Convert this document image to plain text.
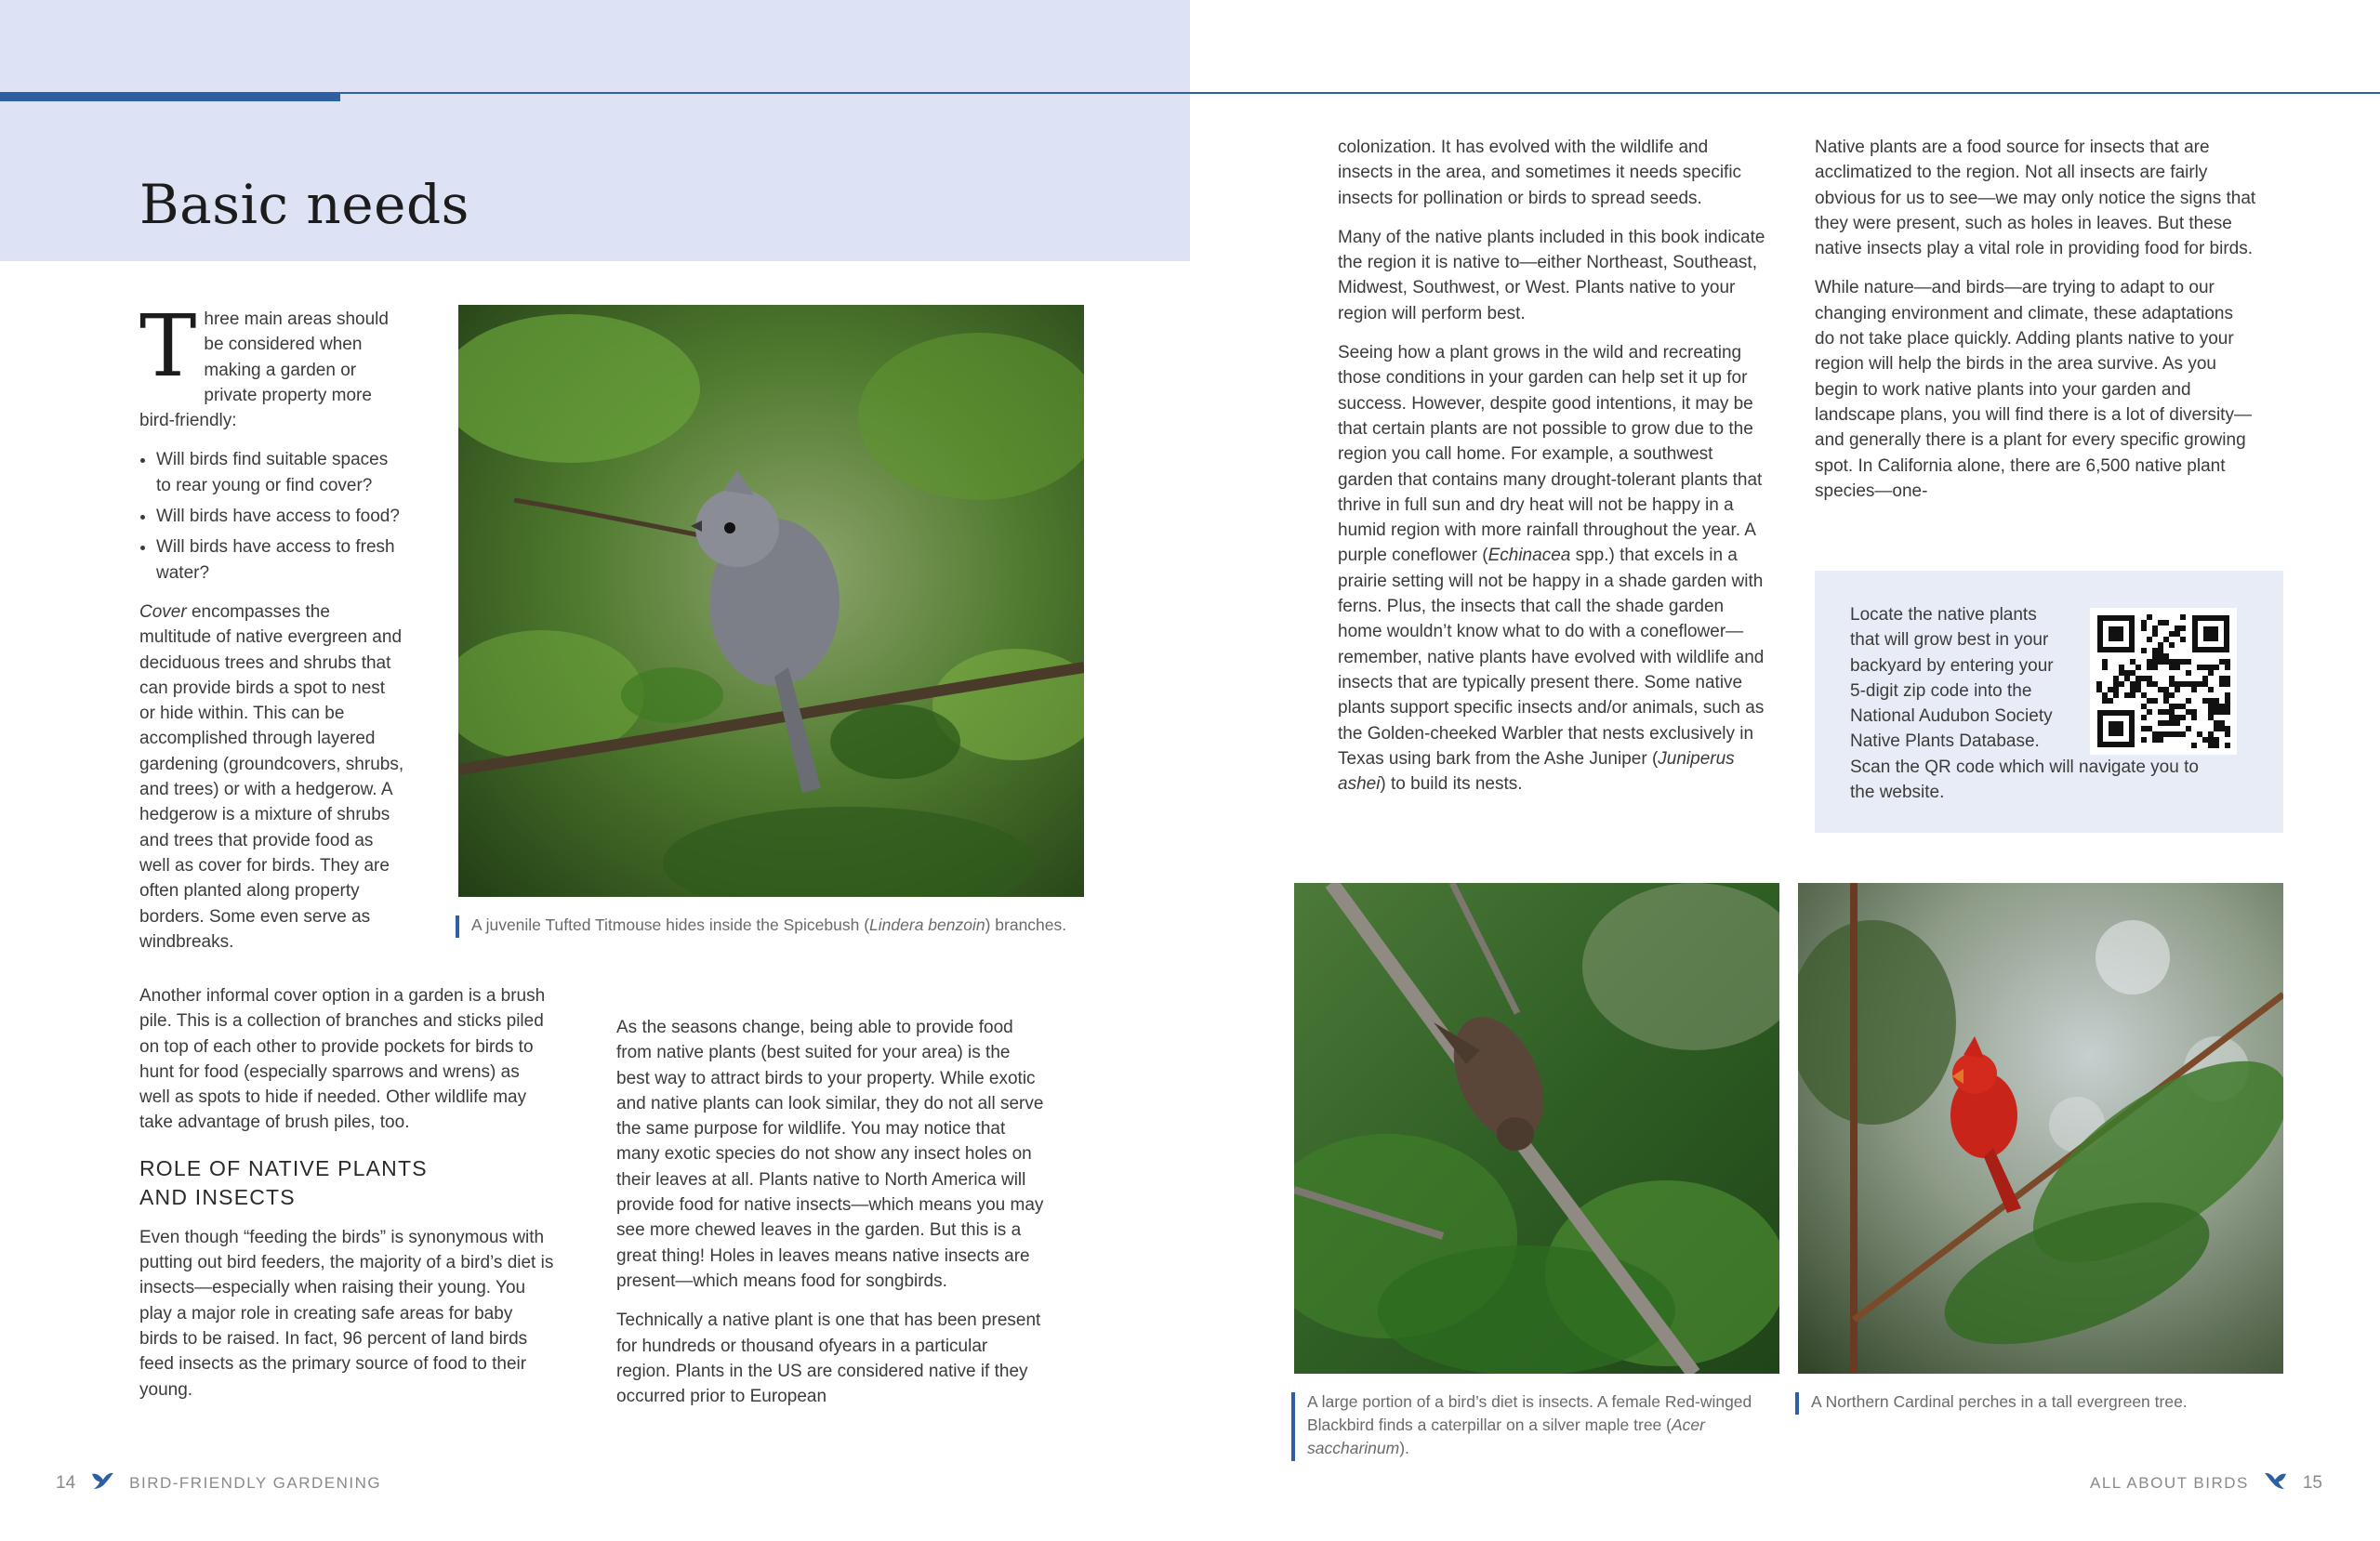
Basic needs

Three main areas should be considered when making a garden or private property more bird-friendly:

• Will birds find suitable spaces to rear young or find cover?
• Will birds have access to food?
• Will birds have access to fresh water?

Cover encompasses the multitude of native evergreen and deciduous trees and shrubs that can provide birds a spot to nest or hide within. This can be accomplished through layered gardening (groundcovers, shrubs, and trees) or with a hedgerow. A hedgerow is a mixture of shrubs and trees that provide food as well as cover for birds. They are often planted along property borders. Some even serve as windbreaks.

Another informal cover option in a garden is a brush pile. This is a collection of branches and sticks piled on top of each other to provide pockets for birds to hunt for food (especially sparrows and wrens) as well as spots to hide if needed. Other wildlife may take advantage of brush piles, too.

ROLE OF NATIVE PLANTS
AND INSECTS

Even though “feeding the birds” is synonymous with putting out bird feeders, the majority of a bird’s diet is insects—especially when raising their young. You play a major role in creating safe areas for baby birds to be raised. In fact, 96 percent of land birds feed insects as the primary source of food to their young.

As the seasons change, being able to provide food from native plants (best suited for your area) is the best way to attract birds to your property. While exotic and native plants can look similar, they do not all serve the same purpose for wildlife. You may notice that many exotic species do not show any insect holes on their leaves at all. Plants native to North America will provide food for native insects—which means you may see more chewed leaves in the garden. But this is a great thing! Holes in leaves means native insects are present—which means food for songbirds.

Technically a native plant is one that has been present for hundreds or thousand ofyears in a particular region. Plants in the US are considered native if they occurred prior to European

A juvenile Tufted Titmouse hides inside the Spicebush (Lindera benzoin) branches.

colonization. It has evolved with the wildlife and insects in the area, and sometimes it needs specific insects for pollination or birds to spread seeds.

Many of the native plants included in this book indicate the region it is native to—either Northeast, Southeast, Midwest, Southwest, or West. Plants native to your region will perform best.

Seeing how a plant grows in the wild and recreating those conditions in your garden can help set it up for success. However, despite good intentions, it may be that certain plants are not possible to grow due to the region you call home. For example, a southwest garden that contains many drought-tolerant plants that thrive in full sun and dry heat will not be happy in a humid region with more rainfall throughout the year. A purple coneflower (Echinacea spp.) that excels in a prairie setting will not be happy in a shade garden with ferns. Plus, the insects that call the shade garden home wouldn’t know what to do with a coneflower—remember, native plants have evolved with wildlife and insects that are typically present there. Some native plants support specific insects and/or animals, such as the Golden-cheeked Warbler that nests exclusively in Texas using bark from the Ashe Juniper (Juniperus ashei) to build its nests.

Native plants are a food source for insects that are acclimatized to the region. Not all insects are fairly obvious for us to see—we may only notice the signs that they were present, such as holes in leaves. But these native insects play a vital role in providing food for birds.

While nature—and birds—are trying to adapt to our changing environment and climate, these adaptations do not take place quickly. Adding plants native to your region will help the birds in the area survive. As you begin to work native plants into your garden and landscape plans, you will find there is a lot of diversity—and generally there is a plant for every specific growing spot. In California alone, there are 6,500 native plant species—one-

Locate the native plants that will grow best in your backyard by entering your 5-digit zip code into the National Audubon Society Native Plants Database. Scan the QR code which will navigate you to the website.
A large portion of a bird’s diet is insects. A female Red-winged Blackbird finds a caterpillar on a silver maple tree (Acer saccharinum).
A Northern Cardinal perches in a tall evergreen tree.
14	BIRD-FRIENDLY GARDENING	ALL ABOUT BIRDS	15
